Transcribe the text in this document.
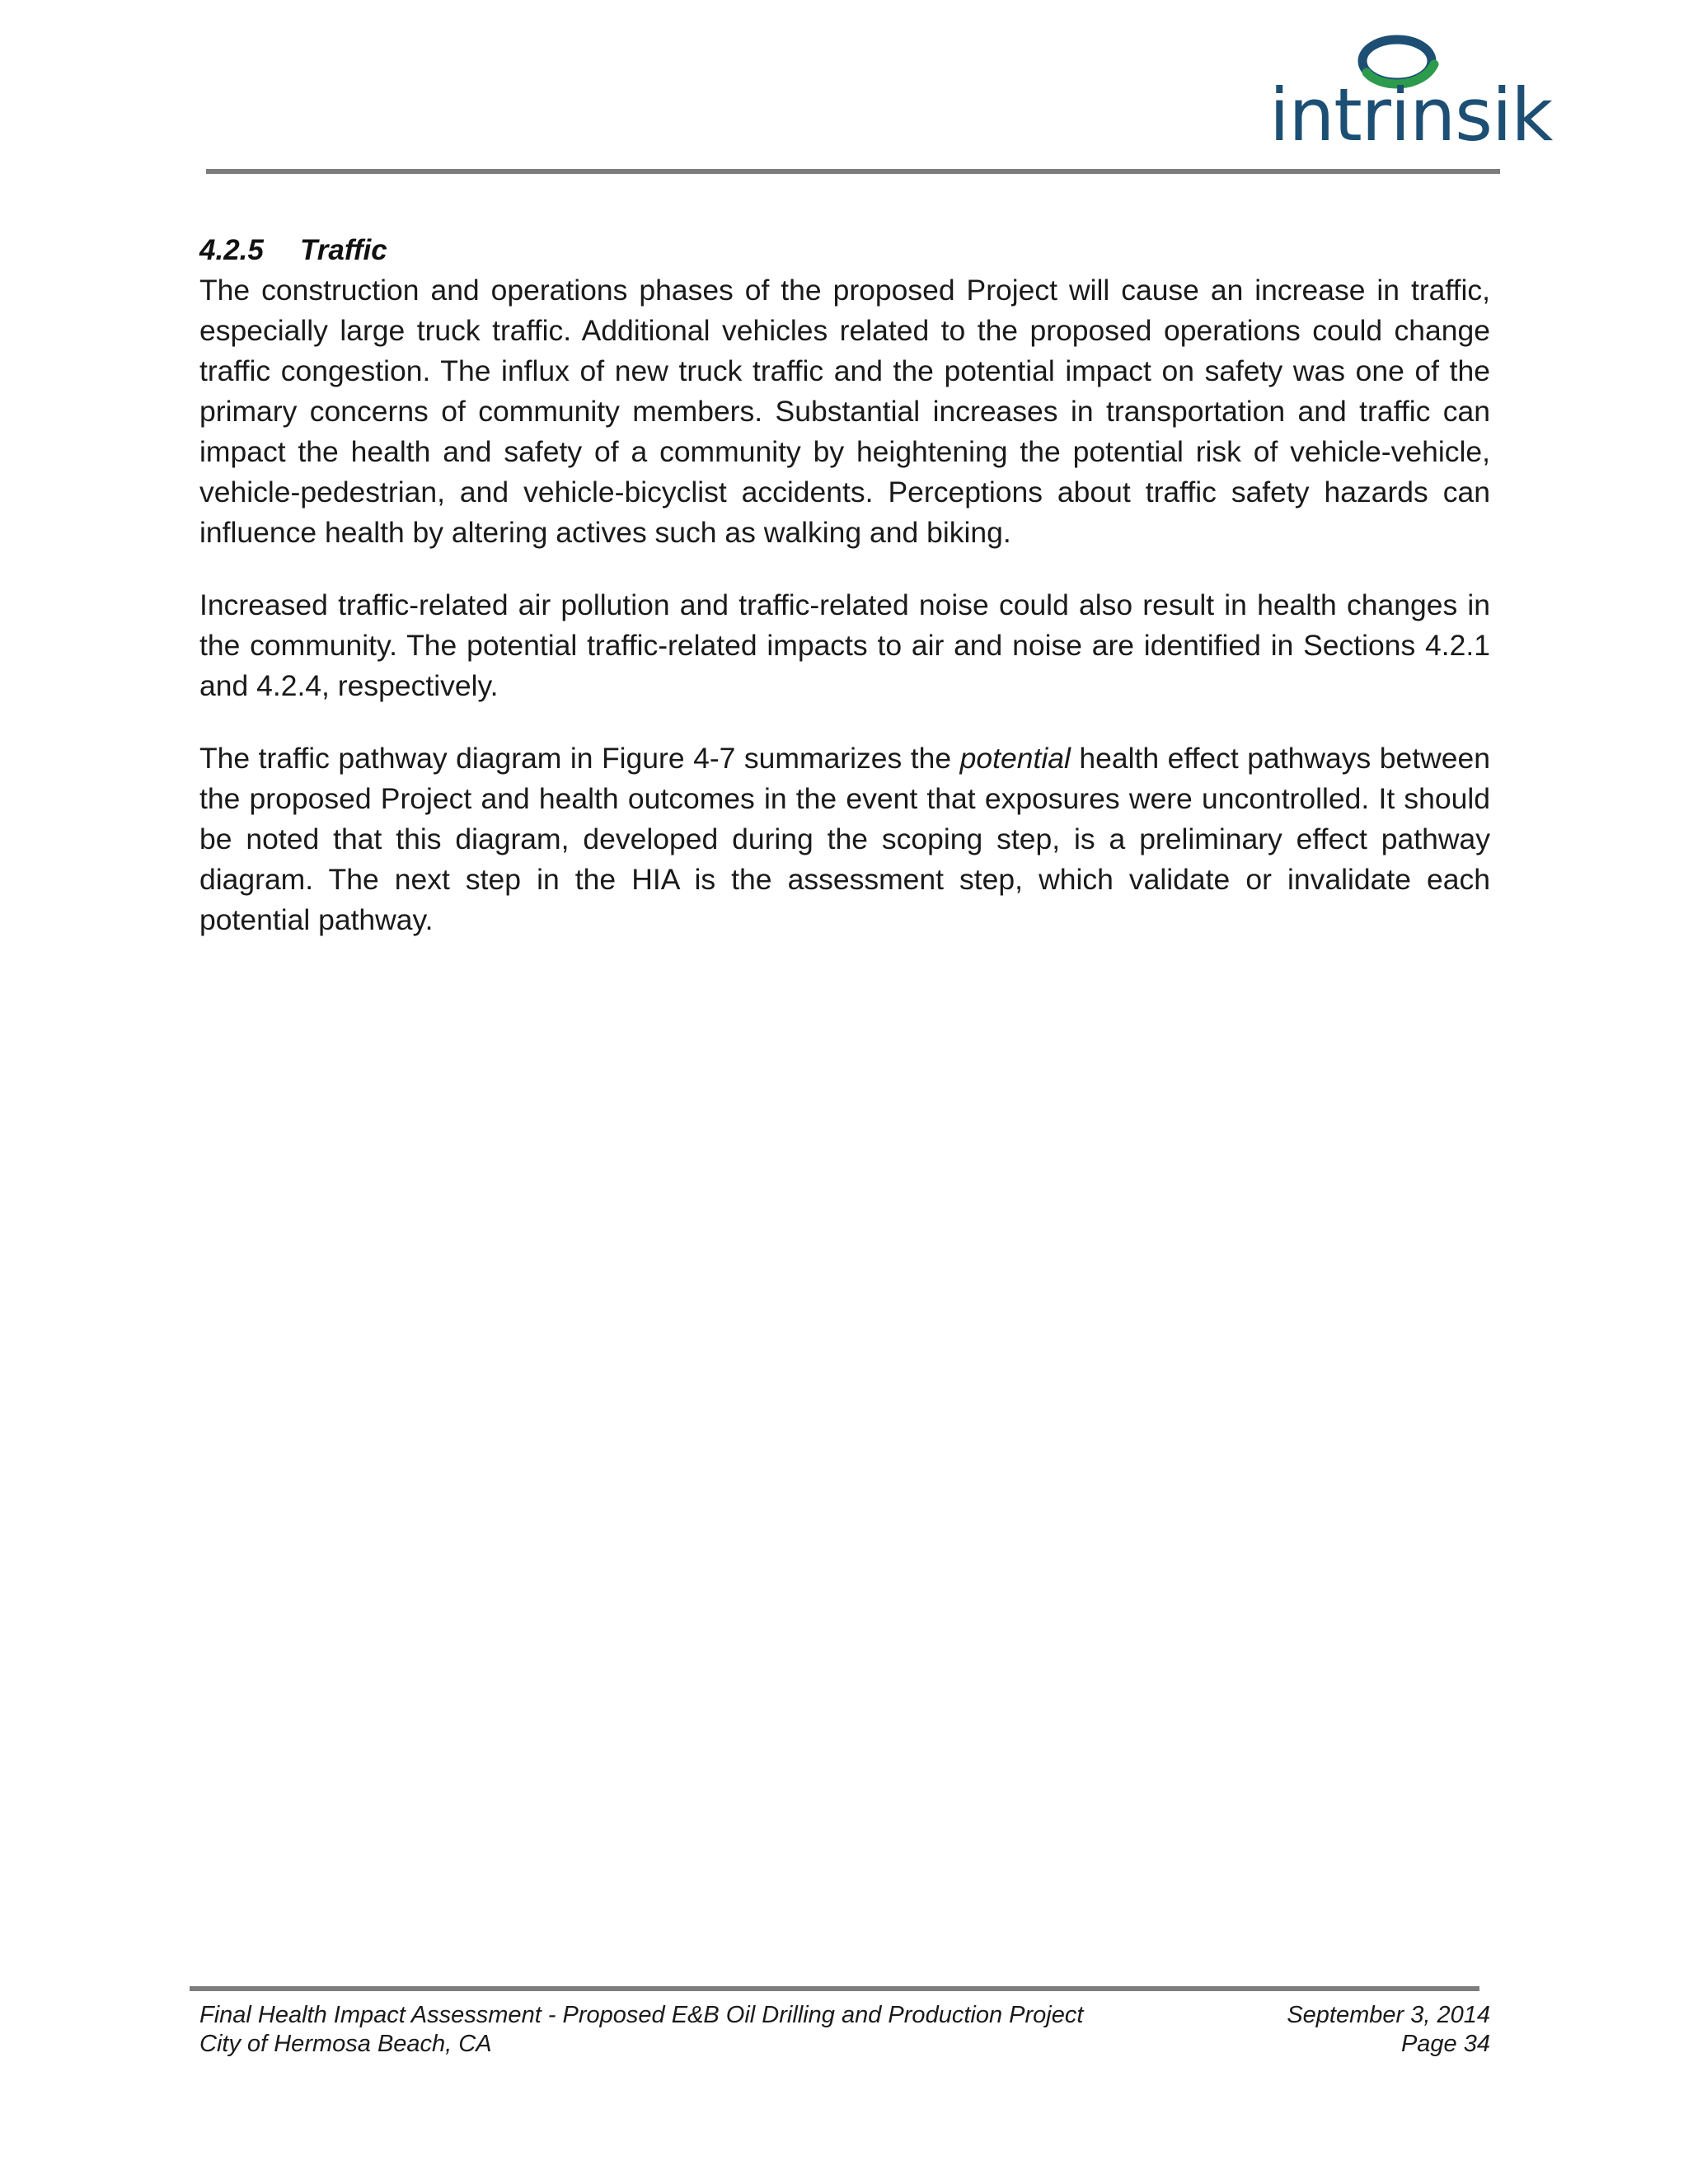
intrinsik
4.2.5 Traffic

The construction and operations phases of the proposed Project will cause an increase in traffic, especially large truck traffic. Additional vehicles related to the proposed operations could change traffic congestion. The influx of new truck traffic and the potential impact on safety was one of the primary concerns of community members. Substantial increases in transportation and traffic can impact the health and safety of a community by heightening the potential risk of vehicle-vehicle, vehicle-pedestrian, and vehicle-bicyclist accidents. Perceptions about traffic safety hazards can influence health by altering actives such as walking and biking.

Increased traffic-related air pollution and traffic-related noise could also result in health changes in the community. The potential traffic-related impacts to air and noise are identified in Sections 4.2.1 and 4.2.4, respectively.

The traffic pathway diagram in Figure 4-7 summarizes the potential health effect pathways between the proposed Project and health outcomes in the event that exposures were uncontrolled. It should be noted that this diagram, developed during the scoping step, is a preliminary effect pathway diagram. The next step in the HIA is the assessment step, which validate or invalidate each potential pathway.

Final Health Impact Assessment - Proposed E&B Oil Drilling and Production Project	September 3, 2014
City of Hermosa Beach, CA	Page 34
